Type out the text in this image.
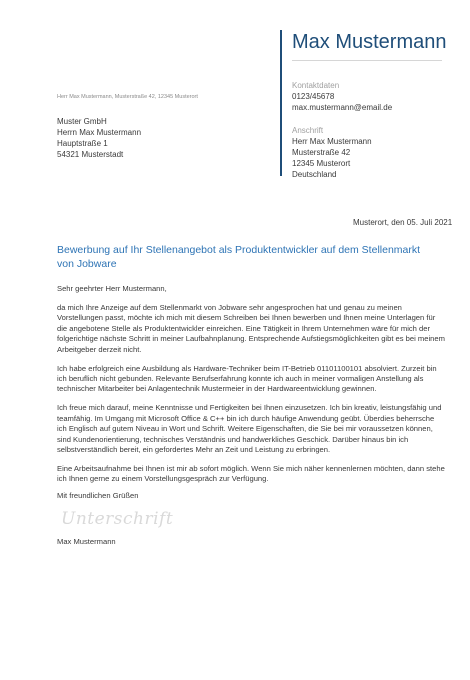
Max Mustermann
Kontaktdaten
0123/45678
max.mustermann@email.de
Anschrift
Herr Max Mustermann
Musterstraße 42
12345 Musterort
Deutschland
Herr Max Mustermann, Musterstraße 42, 12345 Musterort
Muster GmbH
Herrn Max Mustermann
Hauptstraße 1
54321 Musterstadt
Musterort, den 05. Juli 2021
Bewerbung auf Ihr Stellenangebot als Produktentwickler auf dem Stellenmarkt von Jobware

Sehr geehrter Herr Mustermann,

da mich Ihre Anzeige auf dem Stellenmarkt von Jobware sehr angesprochen hat und genau zu meinen Vorstellungen passt, möchte ich mich mit diesem Schreiben bei Ihnen bewerben und Ihnen meine Unterlagen für die angebotene Stelle als Produktentwickler einreichen. Eine Tätigkeit in Ihrem Unternehmen wäre für mich der folgerichtige nächste Schritt in meiner Laufbahnplanung. Entsprechende Aufstiegsmöglichkeiten gibt es bei meinem Arbeitgeber derzeit nicht.

Ich habe erfolgreich eine Ausbildung als Hardware-Techniker beim IT-Betrieb 01101100101 absolviert. Zurzeit bin ich beruflich nicht gebunden. Relevante Berufserfahrung konnte ich auch in meiner vormaligen Anstellung als technischer Mitarbeiter bei Anlagentechnik Mustermeier in der Hardwareentwicklung gewinnen.

Ich freue mich darauf, meine Kenntnisse und Fertigkeiten bei Ihnen einzusetzen. Ich bin kreativ, leistungsfähig und teamfähig. Im Umgang mit Microsoft Office & C++ bin ich durch häufige Anwendung geübt. Überdies beherrsche ich Englisch auf gutem Niveau in Wort und Schrift. Weitere Eigenschaften, die Sie bei mir voraussetzen können, sind Kundenorientierung, technisches Verständnis und handwerkliches Geschick. Darüber hinaus bin ich selbstverständlich bereit, ein gefordertes Mehr an Zeit und Leistung zu erbringen.

Eine Arbeitsaufnahme bei Ihnen ist mir ab sofort möglich. Wenn Sie mich näher kennenlernen möchten, dann stehe ich Ihnen gerne zu einem Vorstellungsgespräch zur Verfügung.

Mit freundlichen Grüßen
Unterschrift
Max Mustermann
